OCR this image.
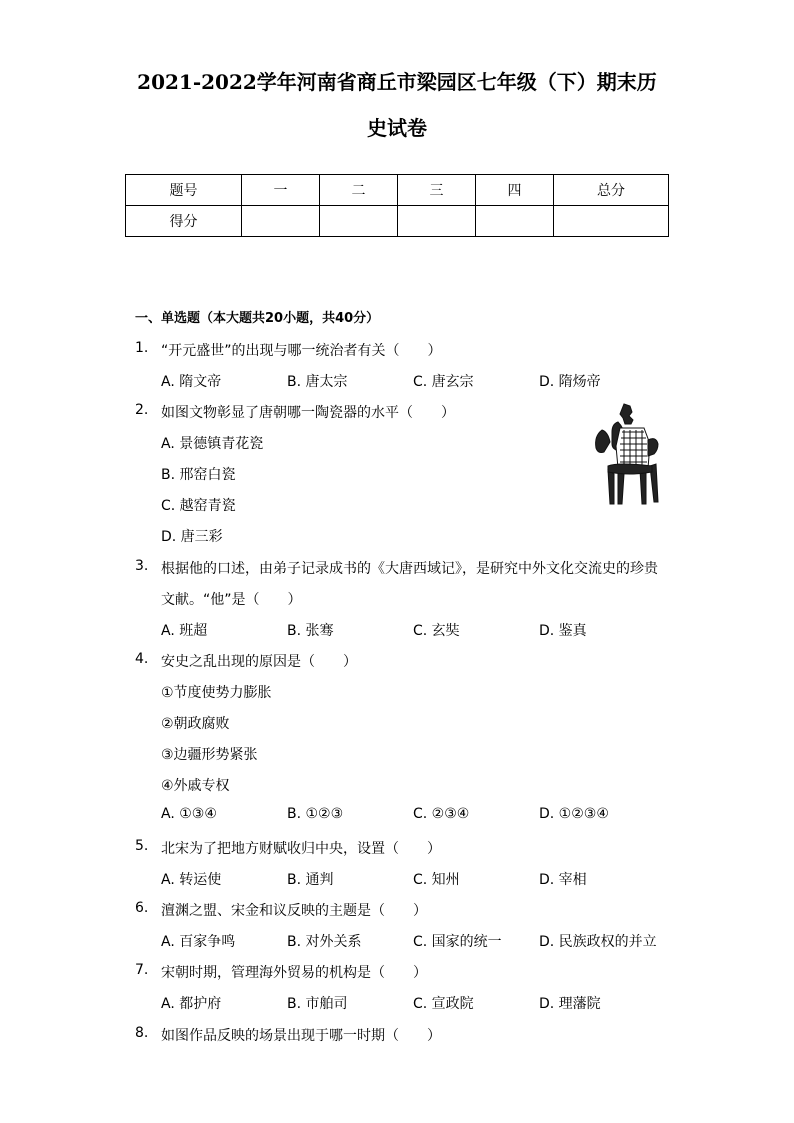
2021-2022学年河南省商丘市梁园区七年级（下）期末历
史试卷
题号	一	二	三	四	总分
得分					
一、单选题（本大题共20小题，共40分）
1. “开元盛世”的出现与哪一统治者有关（　　）
A. 隋文帝	B. 唐太宗	C. 唐玄宗	D. 隋炀帝
2. 如图文物彰显了唐朝哪一陶瓷器的水平（　　）
A. 景德镇青花瓷
B. 邢窑白瓷
C. 越窑青瓷
D. 唐三彩
3. 根据他的口述，由弟子记录成书的《大唐西域记》，是研究中外文化交流史的珍贵
文献。“他”是（　　）
A. 班超	B. 张骞	C. 玄奘	D. 鉴真
4. 安史之乱出现的原因是（　　）
①节度使势力膨胀
②朝政腐败
③边疆形势紧张
④外戚专权
A. ①③④	B. ①②③	C. ②③④	D. ①②③④
5. 北宋为了把地方财赋收归中央，设置（　　）
A. 转运使	B. 通判	C. 知州	D. 宰相
6. 澶渊之盟、宋金和议反映的主题是（　　）
A. 百家争鸣	B. 对外关系	C. 国家的统一	D. 民族政权的并立
7. 宋朝时期，管理海外贸易的机构是（　　）
A. 都护府	B. 市舶司	C. 宣政院	D. 理藩院
8. 如图作品反映的场景出现于哪一时期（　　）
